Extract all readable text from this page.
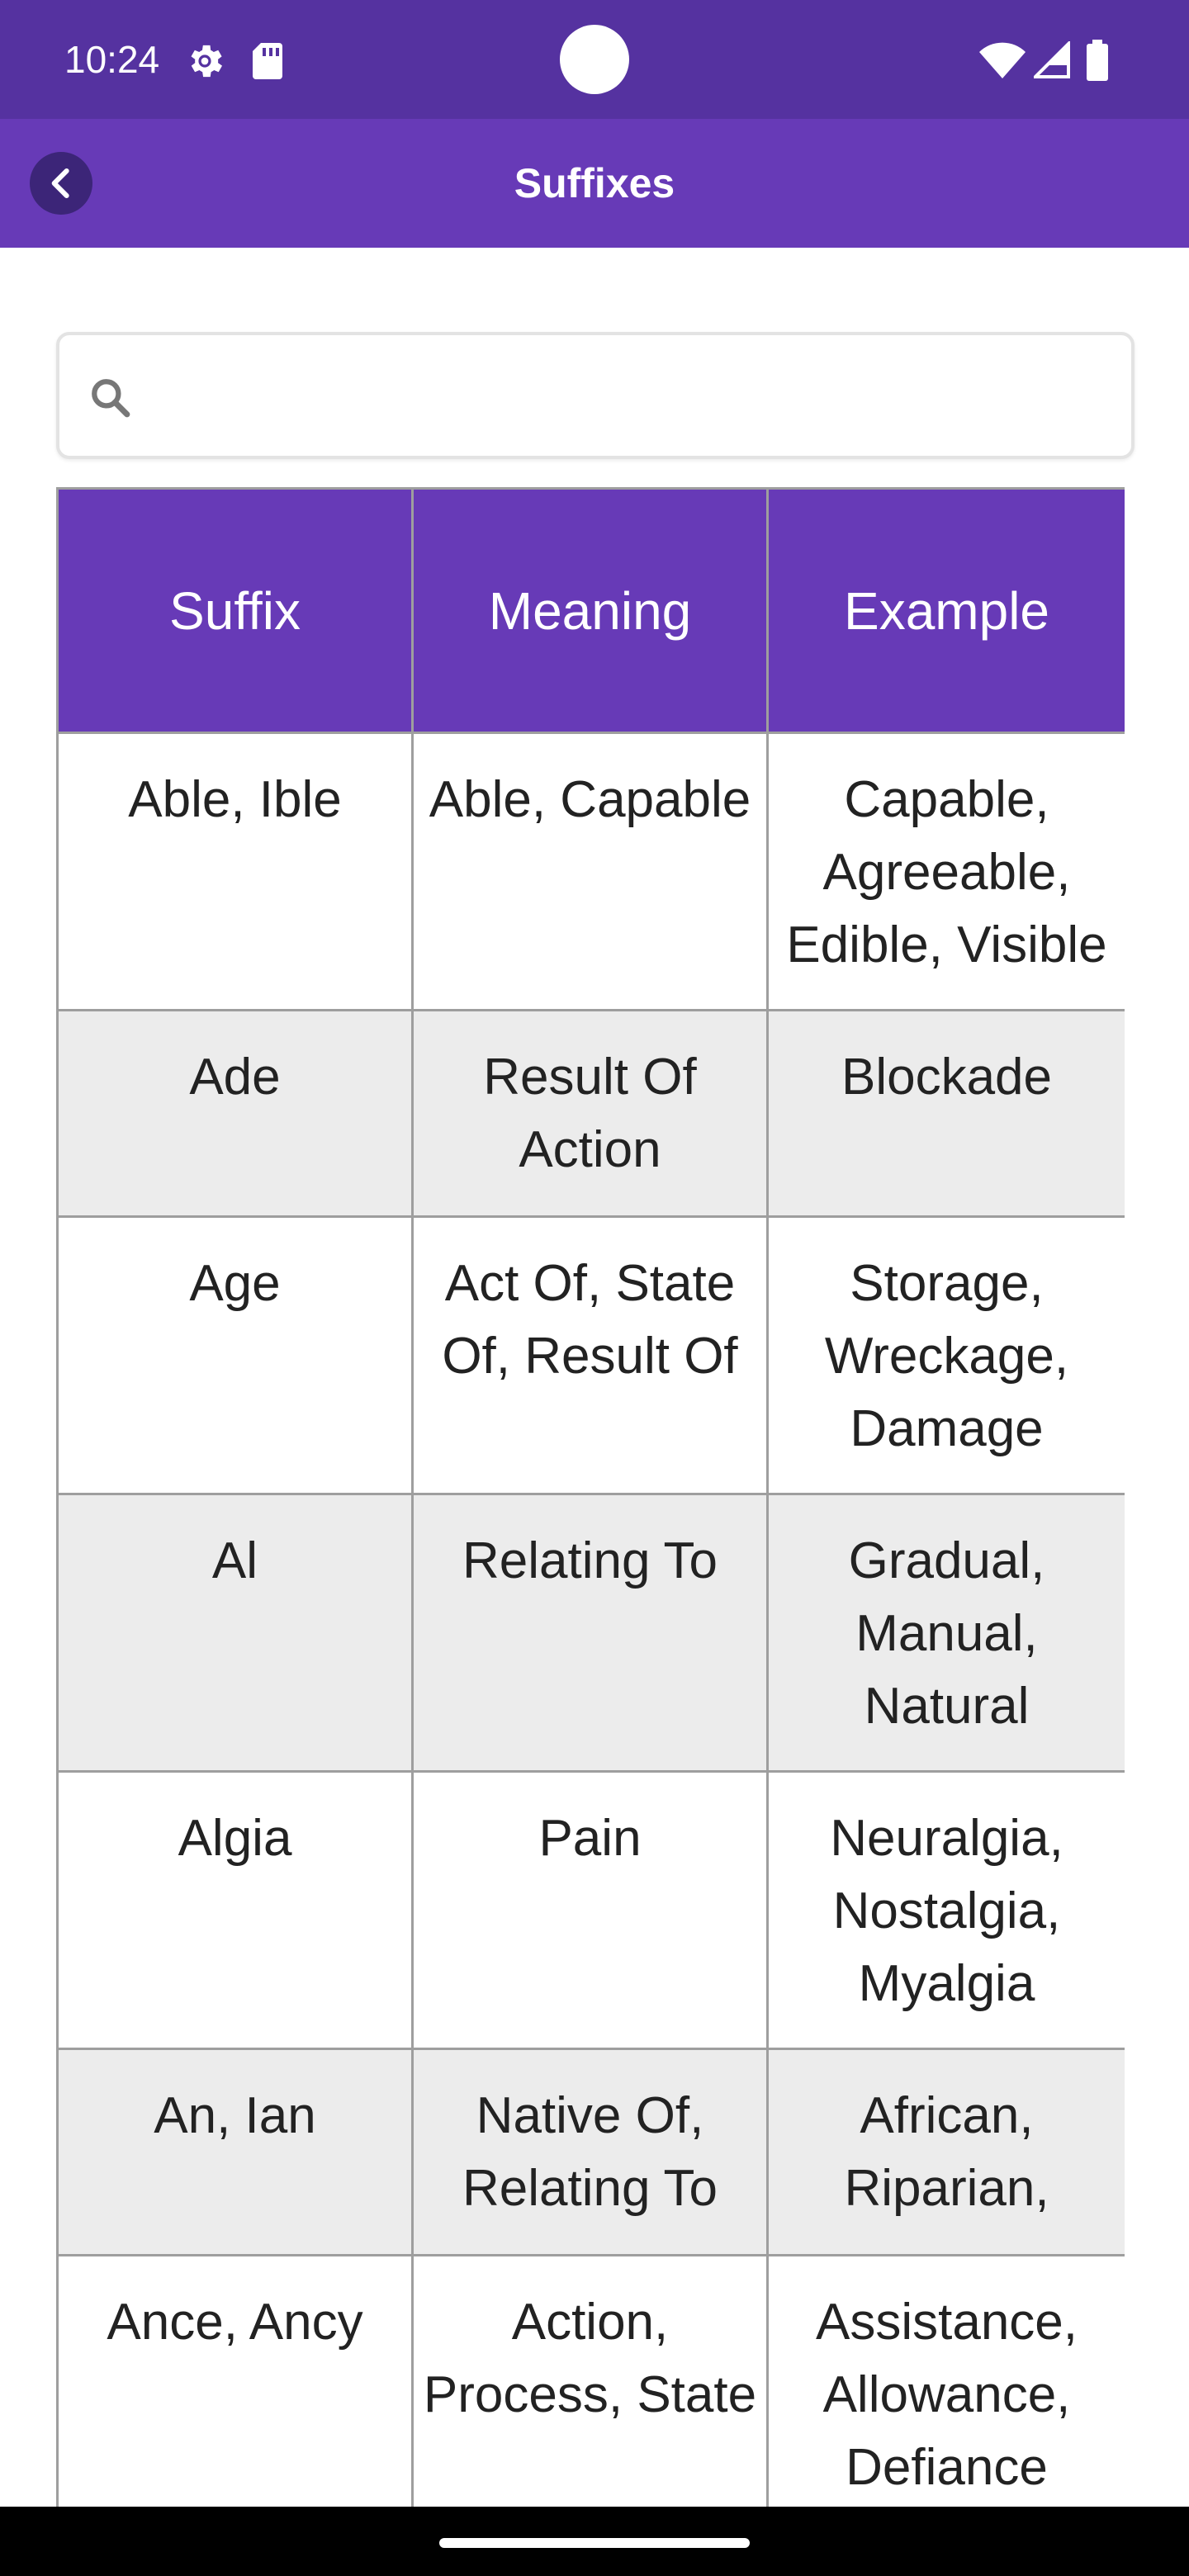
10:24
Suffixes
Suffix	Meaning	Example
Able, Ible	Able, Capable	Capable, Agreeable, Edible, Visible
Ade	Result Of Action	Blockade
Age	Act Of, State Of, Result Of	Storage, Wreckage, Damage
Al	Relating To	Gradual, Manual, Natural
Algia	Pain	Neuralgia, Nostalgia, Myalgia
An, Ian	Native Of, Relating To	African, Riparian,
Ance, Ancy	Action, Process, State	Assistance, Allowance, Defiance
